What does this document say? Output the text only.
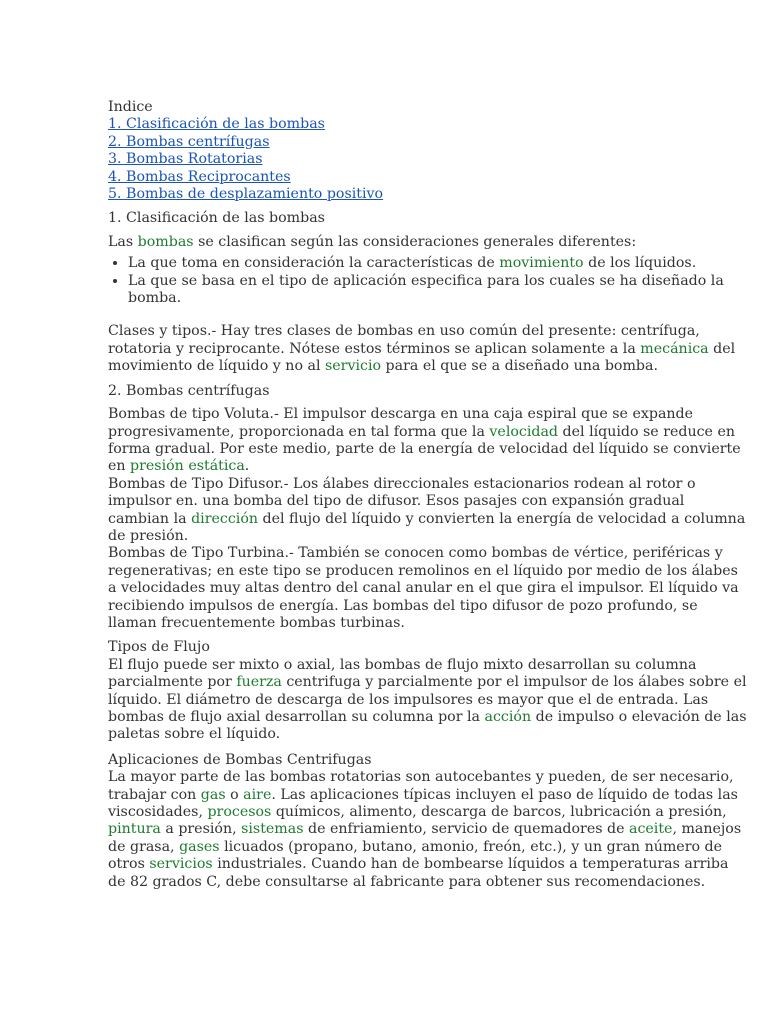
Indice

1. Clasificación de las bombas
2. Bombas centrífugas
3. Bombas Rotatorias
4. Bombas Reciprocantes
5. Bombas de desplazamiento positivo

1. Clasificación de las bombas

Las bombas se clasifican según las consideraciones generales diferentes:

• La que toma en consideración la características de movimiento de los líquidos.
• La que se basa en el tipo de aplicación especifica para los cuales se ha diseñado la bomba.

Clases y tipos.- Hay tres clases de bombas en uso común del presente: centrífuga, rotatoria y reciprocante. Nótese estos términos se aplican solamente a la mecánica del movimiento de líquido y no al servicio para el que se a diseñado una bomba.

2. Bombas centrífugas

Bombas de tipo Voluta.- El impulsor descarga en una caja espiral que se expande progresivamente, proporcionada en tal forma que la velocidad del líquido se reduce en forma gradual. Por este medio, parte de la energía de velocidad del líquido se convierte en presión estática.

Bombas de Tipo Difusor.- Los álabes direccionales estacionarios rodean al rotor o impulsor en. una bomba del tipo de difusor. Esos pasajes con expansión gradual cambian la dirección del flujo del líquido y convierten la energía de velocidad a columna de presión.

Bombas de Tipo Turbina.- También se conocen como bombas de vértice, periféricas y regenerativas; en este tipo se producen remolinos en el líquido por medio de los álabes a velocidades muy altas dentro del canal anular en el que gira el impulsor. El líquido va recibiendo impulsos de energía. Las bombas del tipo difusor de pozo profundo, se llaman frecuentemente bombas turbinas.

Tipos de Flujo

El flujo puede ser mixto o axial, las bombas de flujo mixto desarrollan su columna parcialmente por fuerza centrifuga y parcialmente por el impulsor de los álabes sobre el líquido. El diámetro de descarga de los impulsores es mayor que el de entrada. Las bombas de flujo axial desarrollan su columna por la acción de impulso o elevación de las paletas sobre el líquido.

Aplicaciones de Bombas Centrifugas

La mayor parte de las bombas rotatorias son autocebantes y pueden, de ser necesario, trabajar con gas o aire. Las aplicaciones típicas incluyen el paso de líquido de todas las viscosidades, procesos químicos, alimento, descarga de barcos, lubricación a presión, pintura a presión, sistemas de enfriamiento, servicio de quemadores de aceite, manejos de grasa, gases licuados (propano, butano, amonio, freón, etc.), y un gran número de otros servicios industriales. Cuando han de bombearse líquidos a temperaturas arriba de 82 grados C, debe consultarse al fabricante para obtener sus recomendaciones.
